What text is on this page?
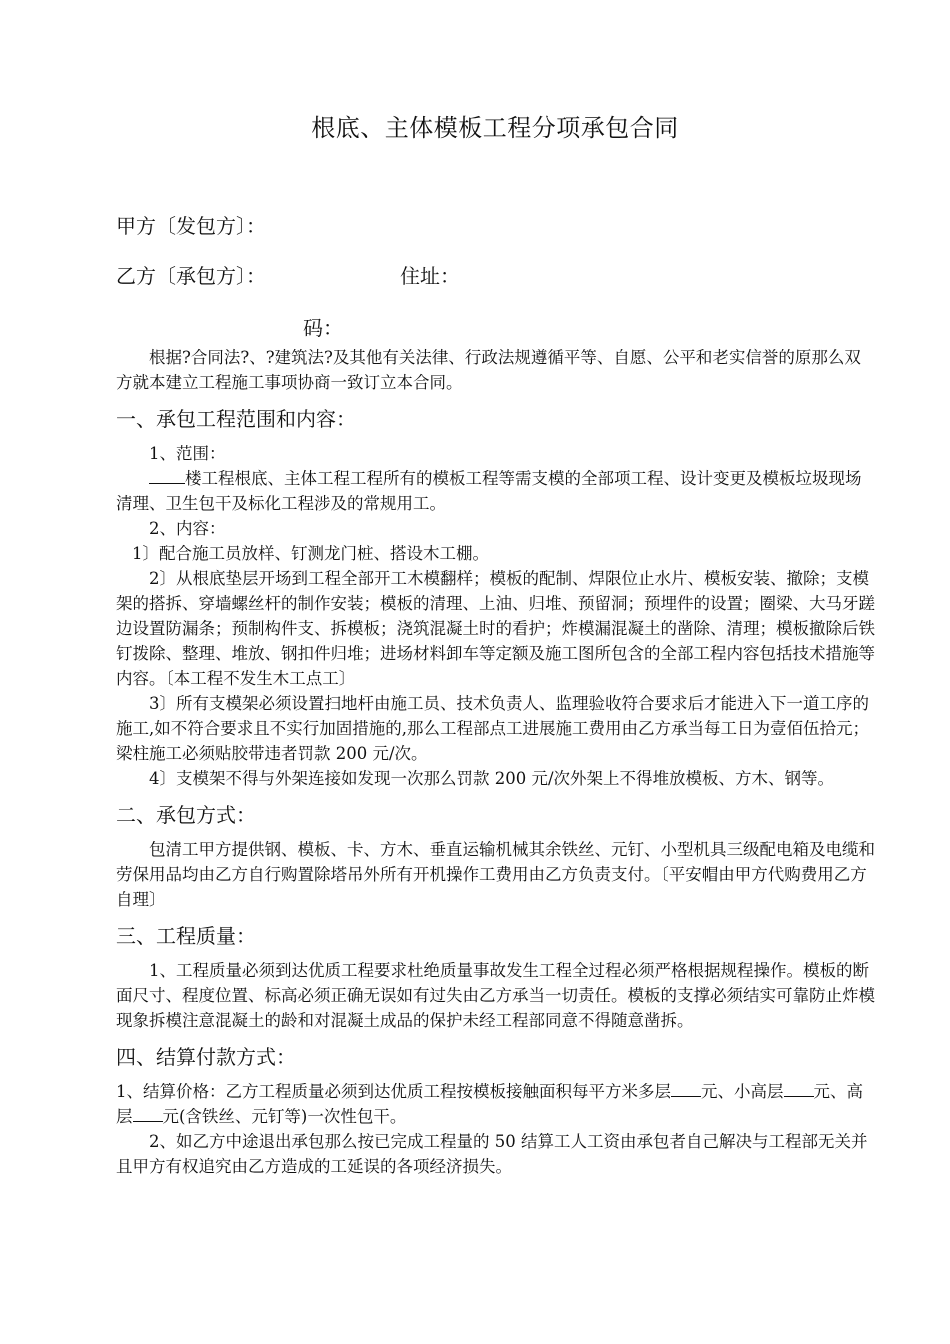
根底、主体模板工程分项承包合同
甲方〔发包方〕：
乙方〔承包方〕：	住址：
码：

根据?合同法?、?建筑法?及其他有关法律、行政法规遵循平等、自愿、公平和老实信誉的原那么双方就本建立工程施工事项协商一致订立本合同。

一、承包工程范围和内容：

1、范围：

楼工程根底、主体工程工程所有的模板工程等需支模的全部项工程、设计变更及模板垃圾现场清理、卫生包干及标化工程涉及的常规用工。

2、内容：

1〕配合施工员放样、钉测龙门桩、搭设木工棚。

2〕从根底垫层开场到工程全部开工木模翻样；模板的配制、焊限位止水片、模板安装、撤除；支模架的搭拆、穿墙螺丝杆的制作安装；模板的清理、上油、归堆、预留洞；预埋件的设置；圈梁、大马牙蹉边设置防漏条；预制构件支、拆模板；浇筑混凝土时的看护；炸模漏混凝土的凿除、清理；模板撤除后铁钉拨除、整理、堆放、钢扣件归堆；进场材料卸车等定额及施工图所包含的全部工程内容包括技术措施等内容。〔本工程不发生木工点工〕

3〕所有支模架必须设置扫地杆由施工员、技术负责人、监理验收符合要求后才能进入下一道工序的施工,如不符合要求且不实行加固措施的,那么工程部点工进展施工费用由乙方承当每工日为壹佰伍拾元；梁柱施工必须贴胶带违者罚款 200 元/次。

4〕支模架不得与外架连接如发现一次那么罚款 200 元/次外架上不得堆放模板、方木、钢等。

二、承包方式：

包清工甲方提供钢、模板、卡、方木、垂直运输机械其余铁丝、元钉、小型机具三级配电箱及电缆和劳保用品均由乙方自行购置除塔吊外所有开机操作工费用由乙方负责支付。〔平安帽由甲方代购费用乙方自理〕

三、工程质量：

1、工程质量必须到达优质工程要求杜绝质量事故发生工程全过程必须严格根据规程操作。模板的断面尺寸、程度位置、标高必须正确无误如有过失由乙方承当一切责任。模板的支撑必须结实可靠防止炸模现象拆模注意混凝土的龄和对混凝土成品的保护未经工程部同意不得随意凿拆。

四、结算付款方式：

1、结算价格：乙方工程质量必须到达优质工程按模板接触面积每平方米多层 元、小高层 元、高层 元(含铁丝、元钉等)一次性包干。

2、如乙方中途退出承包那么按已完成工程量的 50 结算工人工资由承包者自己解决与工程部无关并且甲方有权追究由乙方造成的工延误的各项经济损失。
